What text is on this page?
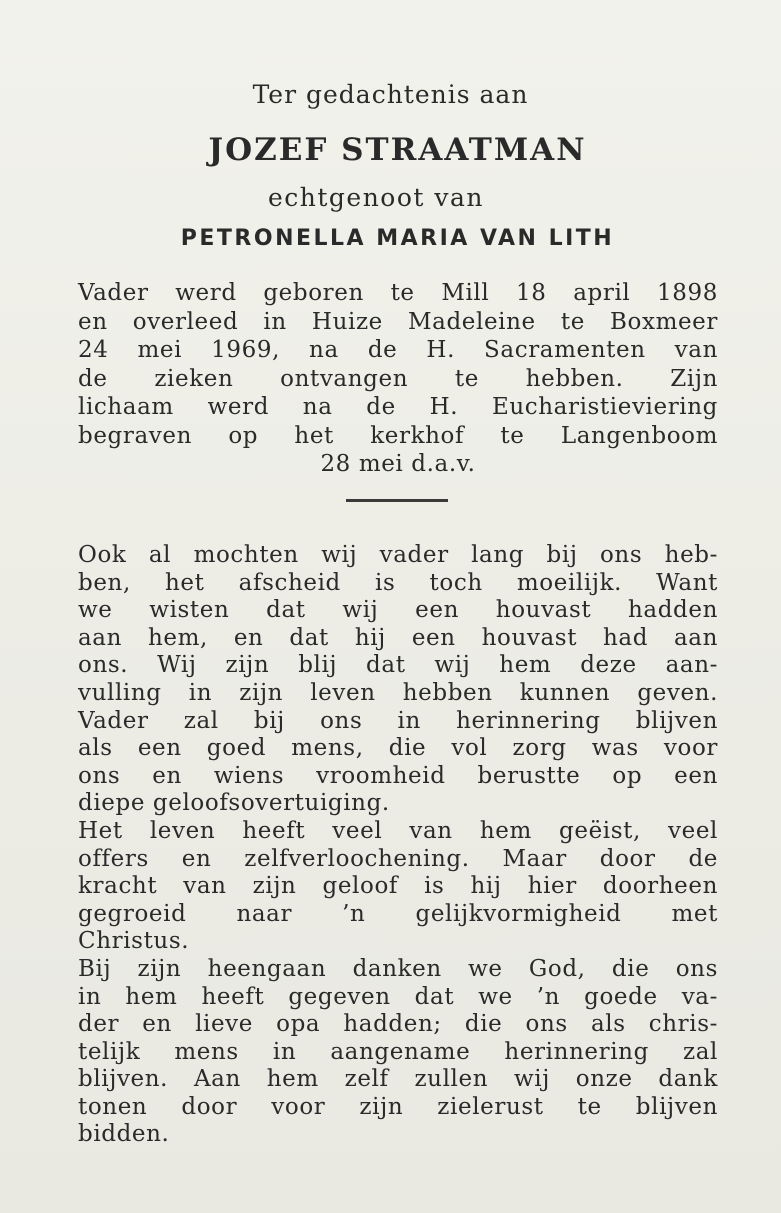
Ter gedachtenis aan
JOZEF STRAATMAN
echtgenoot van
PETRONELLA MARIA VAN LITH
Vader werd geboren te Mill 18 april 1898
en overleed in Huize Madeleine te Boxmeer
24 mei 1969, na de H. Sacramenten van
de zieken ontvangen te hebben. Zijn
lichaam werd na de H. Eucharistieviering
begraven op het kerkhof te Langenboom
28 mei d.a.v.
Ook al mochten wij vader lang bij ons heb-
ben, het afscheid is toch moeilijk. Want
we wisten dat wij een houvast hadden
aan hem, en dat hij een houvast had aan
ons. Wij zijn blij dat wij hem deze aan-
vulling in zijn leven hebben kunnen geven.
Vader zal bij ons in herinnering blijven
als een goed mens, die vol zorg was voor
ons en wiens vroomheid berustte op een
diepe geloofsovertuiging.
Het leven heeft veel van hem geëist, veel
offers en zelfverloochening. Maar door de
kracht van zijn geloof is hij hier doorheen
gegroeid naar ’n gelijkvormigheid met
Christus.
Bij zijn heengaan danken we God, die ons
in hem heeft gegeven dat we ’n goede va-
der en lieve opa hadden; die ons als chris-
telijk mens in aangename herinnering zal
blijven. Aan hem zelf zullen wij onze dank
tonen door voor zijn zielerust te blijven
bidden.
